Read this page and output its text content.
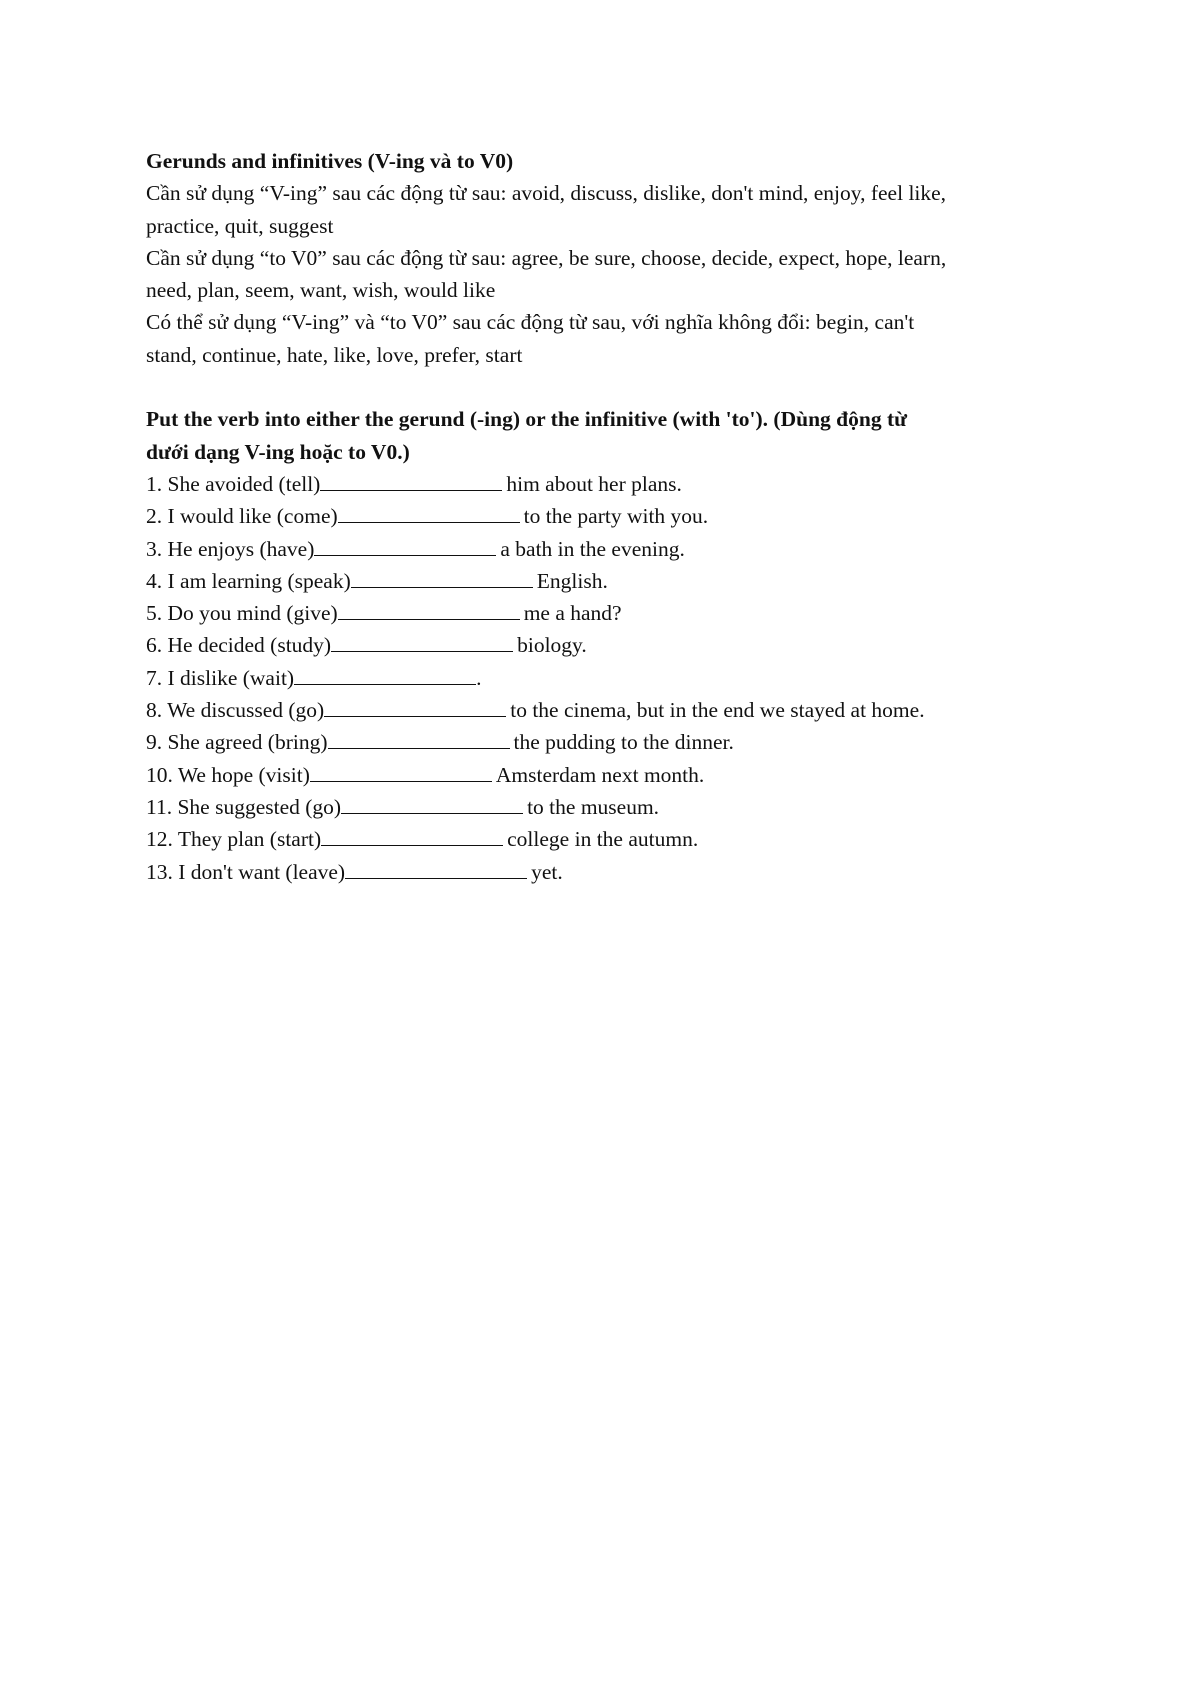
Gerunds and infinitives (V-ing và to V0)

Cần sử dụng “V-ing” sau các động từ sau: avoid, discuss, dislike, don't mind, enjoy, feel like,

practice, quit, suggest

Cần sử dụng “to V0” sau các động từ sau: agree, be sure, choose, decide, expect, hope, learn,

need, plan, seem, want, wish, would like

Có thể sử dụng “V-ing” và “to V0” sau các động từ sau, với nghĩa không đổi: begin, can't

stand, continue, hate, like, love, prefer, start

Put the verb into either the gerund (-ing) or the infinitive (with 'to'). (Dùng động từ

dưới dạng V-ing hoặc to V0.)

1. She avoided (tell)	him about her plans.

2. I would like (come)	to the party with you.

3. He enjoys (have)	a bath in the evening.

4. I am learning (speak)	English.

5. Do you mind (give)	me a hand?

6. He decided (study)	biology.

7. I dislike (wait)	.

8. We discussed (go)	to the cinema, but in the end we stayed at home.

9. She agreed (bring)	the pudding to the dinner.

10. We hope (visit)	Amsterdam next month.

11. She suggested (go)	to the museum.

12. They plan (start)	college in the autumn.

13. I don't want (leave)	yet.
